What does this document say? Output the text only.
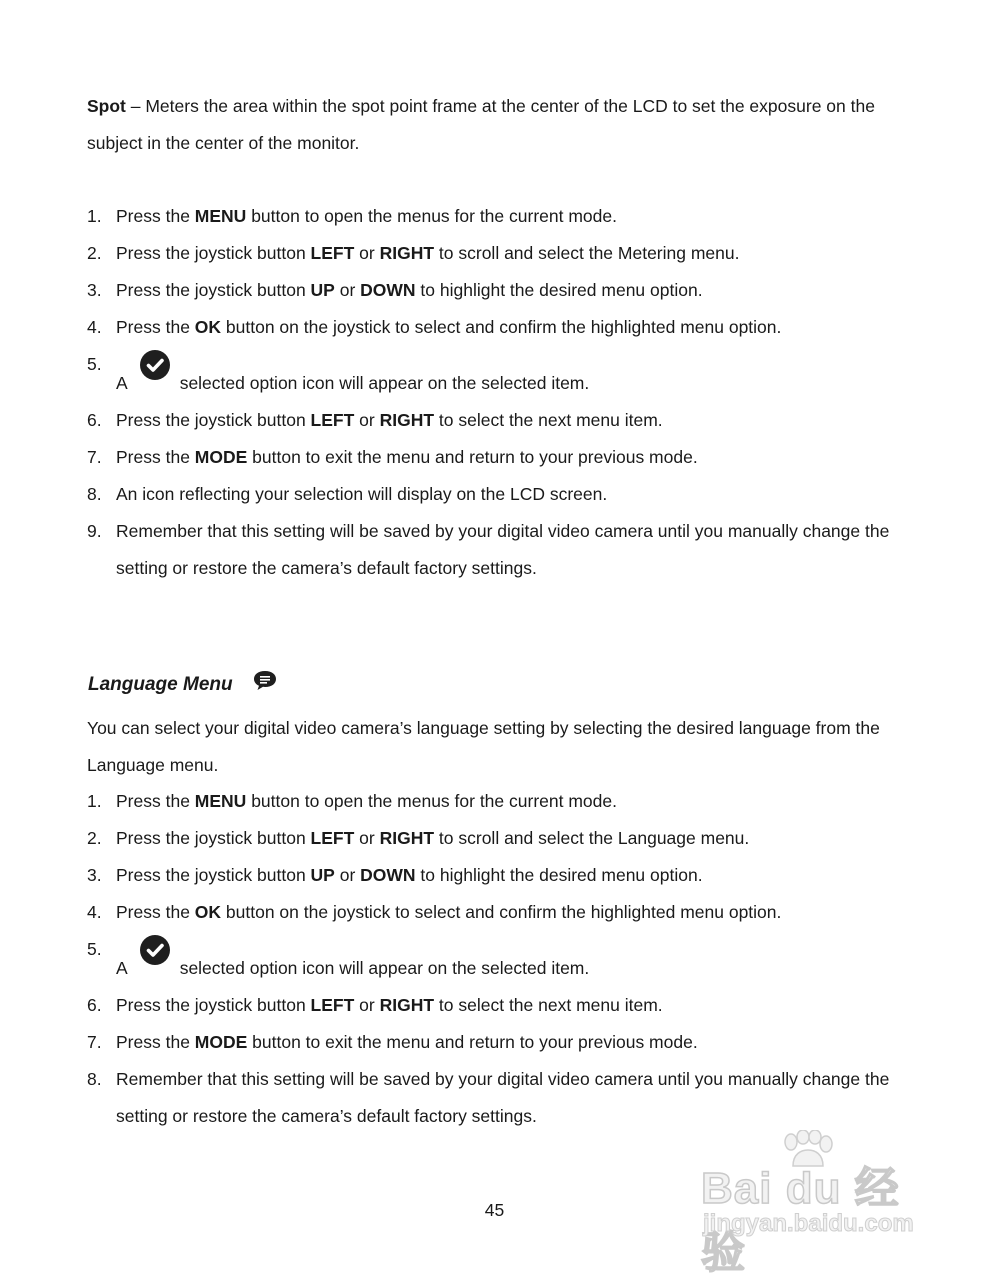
Spot – Meters the area within the spot point frame at the center of the LCD to set the exposure on the subject in the center of the monitor.
1. Press the MENU button to open the menus for the current mode.
2. Press the joystick button LEFT or RIGHT to scroll and select the Metering menu.
3. Press the joystick button UP or DOWN to highlight the desired menu option.
4. Press the OK button on the joystick to select and confirm the highlighted menu option.
5.
A	selected option icon will appear on the selected item.
6. Press the joystick button LEFT or RIGHT to select the next menu item.
7. Press the MODE button to exit the menu and return to your previous mode.
8. An icon reflecting your selection will display on the LCD screen.
9. Remember that this setting will be saved by your digital video camera until you manually change the setting or restore the camera’s default factory settings.
Language Menu
You can select your digital video camera’s language setting by selecting the desired language from the Language menu.
1. Press the MENU button to open the menus for the current mode.
2. Press the joystick button LEFT or RIGHT to scroll and select the Language menu.
3. Press the joystick button UP or DOWN to highlight the desired menu option.
4. Press the OK button on the joystick to select and confirm the highlighted menu option.
5.
A	selected option icon will appear on the selected item.
6. Press the joystick button LEFT or RIGHT to select the next menu item.
7. Press the MODE button to exit the menu and return to your previous mode.
8. Remember that this setting will be saved by your digital video camera until you manually change the setting or restore the camera’s default factory settings.
45	Bai du 经验
jingyan.baidu.com
